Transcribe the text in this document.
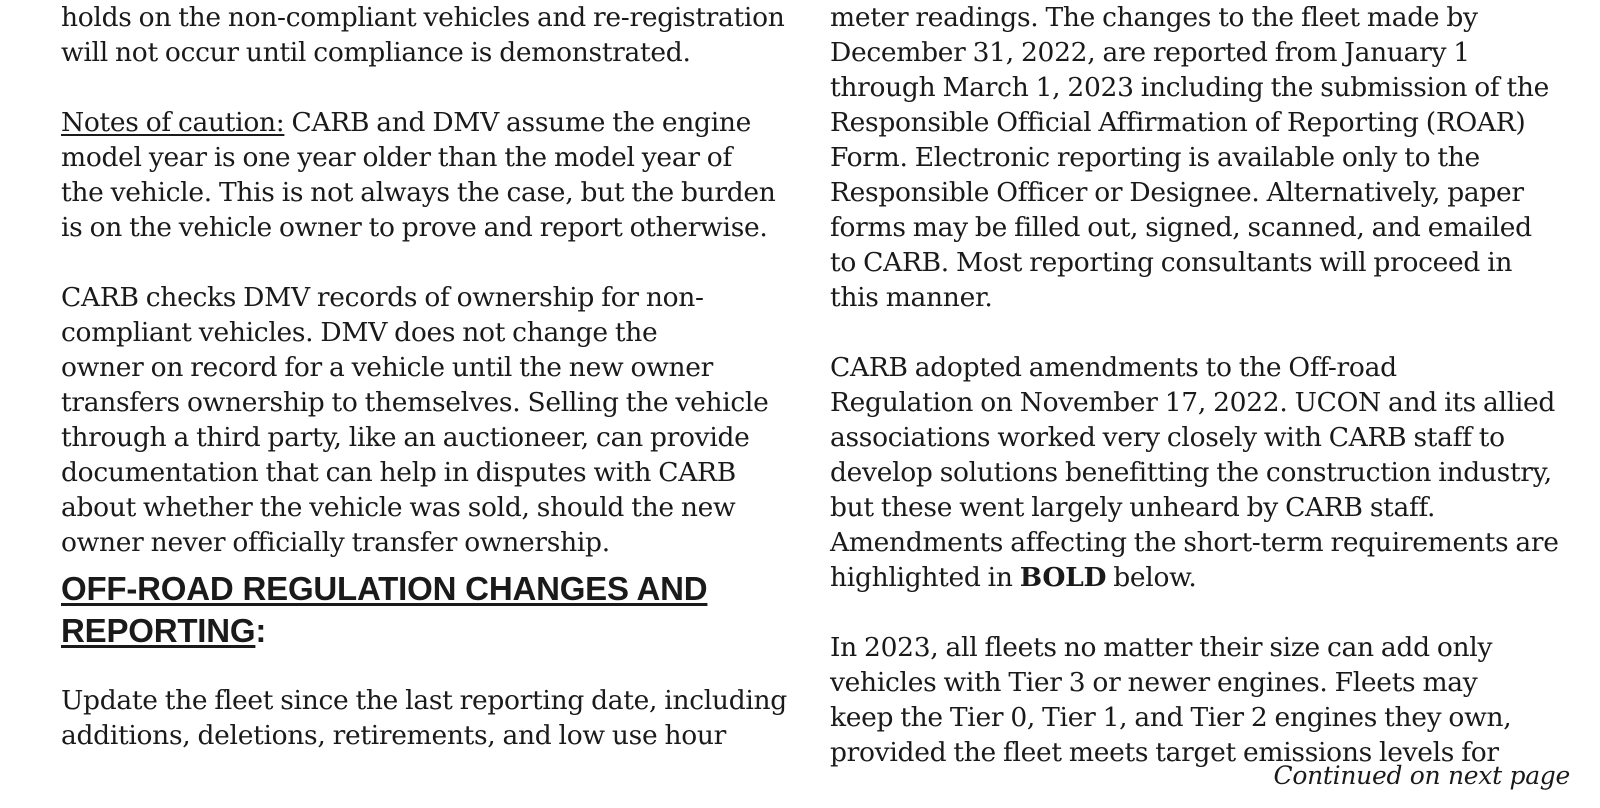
holds on the non-compliant vehicles and re-registration
will not occur until compliance is demonstrated.

Notes of caution: CARB and DMV assume the engine
model year is one year older than the model year of
the vehicle. This is not always the case, but the burden
is on the vehicle owner to prove and report otherwise.

CARB checks DMV records of ownership for non-
compliant vehicles. DMV does not change the
owner on record for a vehicle until the new owner
transfers ownership to themselves. Selling the vehicle
through a third party, like an auctioneer, can provide
documentation that can help in disputes with CARB
about whether the vehicle was sold, should the new
owner never officially transfer ownership.

OFF-ROAD REGULATION CHANGES AND
REPORTING:

Update the fleet since the last reporting date, including
additions, deletions, retirements, and low use hour

meter readings. The changes to the fleet made by
December 31, 2022, are reported from January 1
through March 1, 2023 including the submission of the
Responsible Official Affirmation of Reporting (ROAR)
Form. Electronic reporting is available only to the
Responsible Officer or Designee. Alternatively, paper
forms may be filled out, signed, scanned, and emailed
to CARB. Most reporting consultants will proceed in
this manner.

CARB adopted amendments to the Off-road
Regulation on November 17, 2022. UCON and its allied
associations worked very closely with CARB staff to
develop solutions benefitting the construction industry,
but these went largely unheard by CARB staff.
Amendments affecting the short-term requirements are
highlighted in BOLD below.

In 2023, all fleets no matter their size can add only
vehicles with Tier 3 or newer engines. Fleets may
keep the Tier 0, Tier 1, and Tier 2 engines they own,
provided the fleet meets target emissions levels for

Continued on next page
